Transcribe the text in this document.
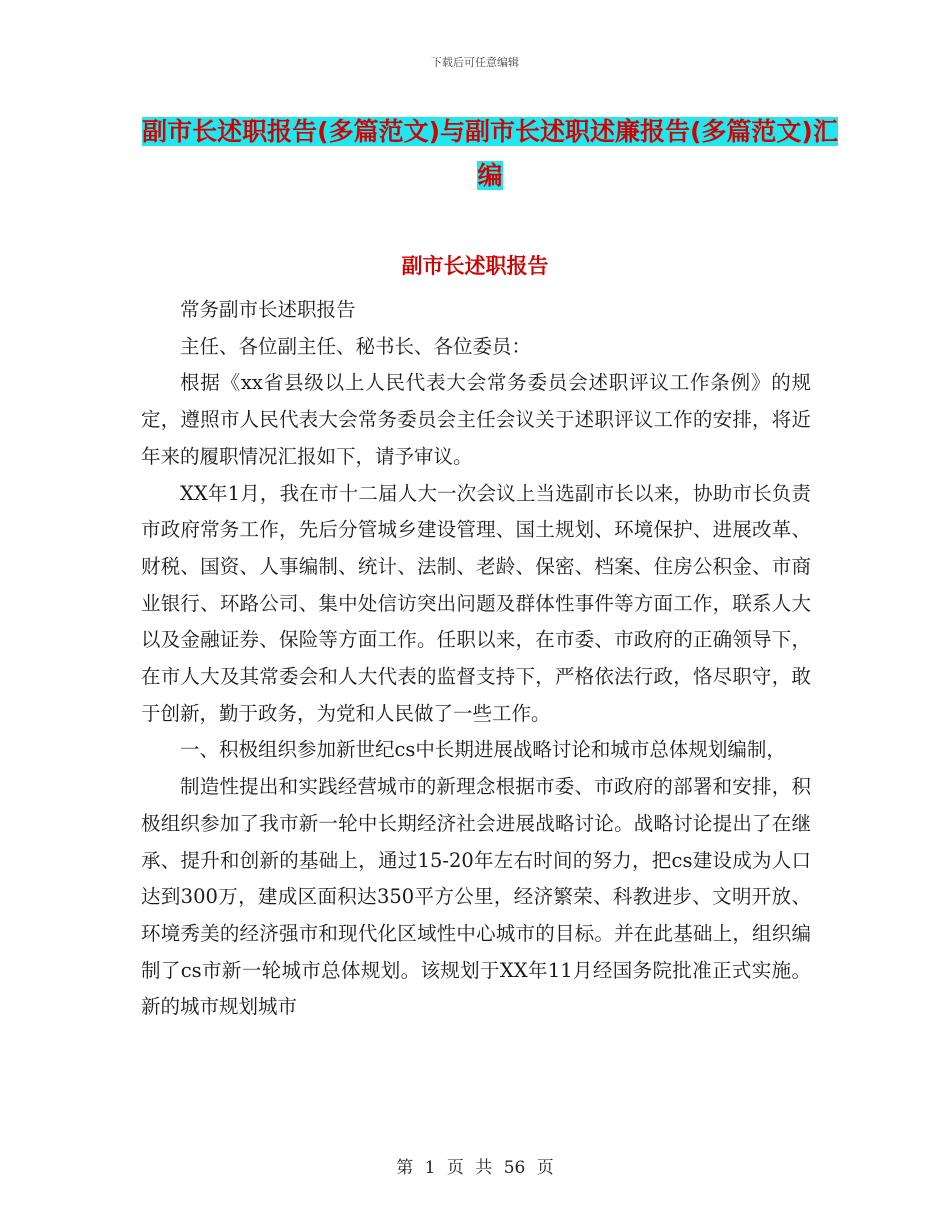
下载后可任意编辑
副市长述职报告(多篇范文)与副市长述职述廉报告(多篇范文)汇编
副市长述职报告

常务副市长述职报告

主任、各位副主任、秘书长、各位委员：

根据《xx省县级以上人民代表大会常务委员会述职评议工作条例》的规定，遵照市人民代表大会常务委员会主任会议关于述职评议工作的安排，将近年来的履职情况汇报如下，请予审议。

XX年1月，我在市十二届人大一次会议上当选副市长以来，协助市长负责市政府常务工作，先后分管城乡建设管理、国土规划、环境保护、进展改革、财税、国资、人事编制、统计、法制、老龄、保密、档案、住房公积金、市商业银行、环路公司、集中处信访突出问题及群体性事件等方面工作，联系人大以及金融证券、保险等方面工作。任职以来，在市委、市政府的正确领导下，在市人大及其常委会和人大代表的监督支持下，严格依法行政，恪尽职守，敢于创新，勤于政务，为党和人民做了一些工作。

一、积极组织参加新世纪cs中长期进展战略讨论和城市总体规划编制，

制造性提出和实践经营城市的新理念根据市委、市政府的部署和安排，积极组织参加了我市新一轮中长期经济社会进展战略讨论。战略讨论提出了在继承、提升和创新的基础上，通过15-20年左右时间的努力，把cs建设成为人口达到300万，建成区面积达350平方公里，经济繁荣、科教进步、文明开放、环境秀美的经济强市和现代化区域性中心城市的目标。并在此基础上，组织编制了cs市新一轮城市总体规划。该规划于XX年11月经国务院批准正式实施。新的城市规划城市

第 1 页 共 56 页
